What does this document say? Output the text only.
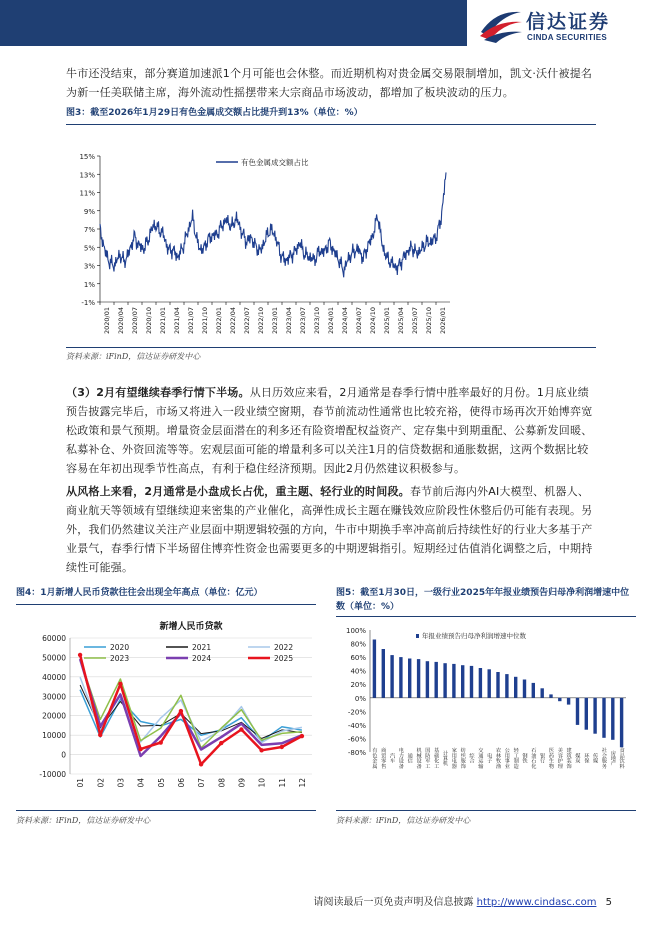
信达证券
CINDA SECURITIES

牛市还没结束，部分赛道加速派1个月可能也会休整。而近期机构对贵金属交易限制增加，凯文·沃什被提名为新一任美联储主席，海外流动性摇摆带来大宗商品市场波动，都增加了板块波动的压力。

图3：截至2026年1月29日有色金属成交额占比提升到13%（单位：%）
-1%
1%
3%
5%
7%
9%
11%
13%
15%
2020/01 2020/04 2020/07 2020/10 2021/01 2021/04 2021/07 2021/10 2022/01 2022/04 2022/07 2022/10 2023/01 2023/04 2023/07 2023/10 2024/01 2024/04 2024/07 2024/10 2025/01 2025/04 2025/07 2025/10 2026/01
有色金属成交额占比
资料来源：iFinD，信达证券研发中心

（3）2月有望继续春季行情下半场。从日历效应来看，2月通常是春季行情中胜率最好的月份。1月底业绩预告披露完毕后，市场又将进入一段业绩空窗期，春节前流动性通常也比较充裕，使得市场再次开始博弈宽松政策和景气预期。增量资金层面潜在的利多还有险资增配权益资产、定存集中到期重配、公募新发回暖、私募补仓、外资回流等等。宏观层面可能的增量利多可以关注1月的信贷数据和通胀数据，这两个数据比较容易在年初出现季节性高点，有利于稳住经济预期。因此2月仍然建议积极参与。

从风格上来看，2月通常是小盘成长占优，重主题、轻行业的时间段。春节前后海内外AI大模型、机器人、商业航天等领域有望继续迎来密集的产业催化，高弹性成长主题在赚钱效应阶段性休整后仍可能有表现。另外，我们仍然建议关注产业层面中期逻辑较强的方向，牛市中期换手率冲高前后持续性好的行业大多基于产业景气，春季行情下半场留住博弈性资金也需要更多的中期逻辑指引。短期经过估值消化调整之后，中期持续性可能强。

图4：1月新增人民币贷款往往会出现全年高点（单位：亿元）
新增人民币贷款
-10000
0
10000
20000
30000
40000
50000
60000
01 02 03 04 05 06 07 08 09 10 11 12
2020	2021	2022
2023	2024	2025
资料来源：iFinD，信达证券研发中心
图5：截至1月30日，一级行业2025年年报业绩预告归母净利润增速中位数（单位：%）
-80%
-60%
-40%
-20%
0%
20%
40%
60%
80%
100%
有色金属 商贸零售 汽车 电力设备 通信 机械设备 国防军工 基础化工 计算机 家用电器 纺织服饰 综合 交通运输 电子 农林牧渔 公用事业 轻工制造 钢铁 石油石化 银行 医药生物 美容护理 建筑装饰 煤炭 环保 传媒 社会服务 房地产 食品饮料
年报业绩预告归母净利润增速中位数
资料来源：iFinD，信达证券研发中心
请阅读最后一页免责声明及信息披露 http://www.cindasc.com 5
